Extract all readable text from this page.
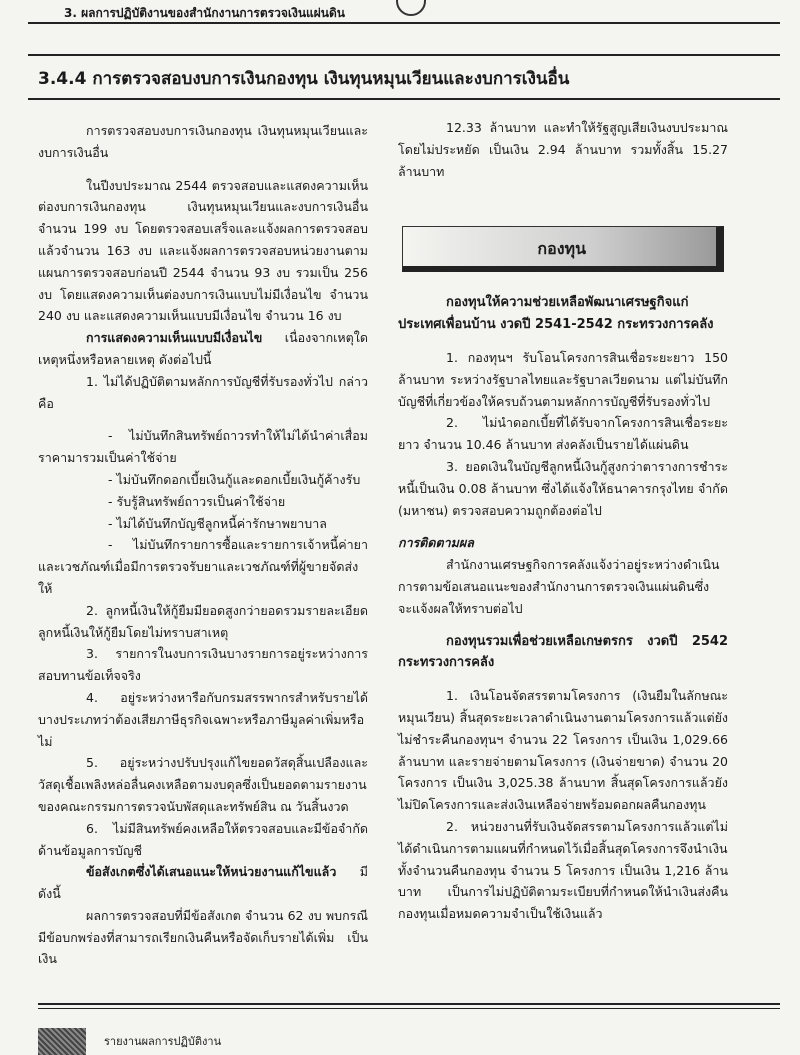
3. ผลการปฏิบัติงานของสำนักงานการตรวจเงินแผ่นดิน
3.4.4 การตรวจสอบงบการเงินกองทุน เงินทุนหมุนเวียนและงบการเงินอื่น

การตรวจสอบงบการเงินกองทุน เงินทุนหมุนเวียนและงบการเงินอื่น

ในปีงบประมาณ 2544 ตรวจสอบและแสดงความเห็นต่องบการเงินกองทุน เงินทุนหมุนเวียนและงบการเงินอื่น จำนวน 199 งบ โดยตรวจสอบเสร็จและแจ้งผลการตรวจสอบแล้วจำนวน 163 งบ และแจ้งผลการตรวจสอบหน่วยงานตามแผนการตรวจสอบก่อนปี 2544 จำนวน 93 งบ รวมเป็น 256 งบ โดยแสดงความเห็นต่องบการเงินแบบไม่มีเงื่อนไข จำนวน 240 งบ และแสดงความเห็นแบบมีเงื่อนไข จำนวน 16 งบ

การแสดงความเห็นแบบมีเงื่อนไข เนื่องจากเหตุใดเหตุหนึ่งหรือหลายเหตุ ดังต่อไปนี้

1. ไม่ได้ปฏิบัติตามหลักการบัญชีที่รับรองทั่วไป กล่าวคือ

- ไม่บันทึกสินทรัพย์ถาวรทำให้ไม่ได้นำค่าเสื่อมราคามารวมเป็นค่าใช้จ่าย

- ไม่บันทึกดอกเบี้ยเงินกู้และดอกเบี้ยเงินกู้ค้างรับ

- รับรู้สินทรัพย์ถาวรเป็นค่าใช้จ่าย

- ไม่ได้บันทึกบัญชีลูกหนี้ค่ารักษาพยาบาล

- ไม่บันทึกรายการซื้อและรายการเจ้าหนี้ค่ายาและเวชภัณฑ์เมื่อมีการตรวจรับยาและเวชภัณฑ์ที่ผู้ขายจัดส่งให้

2. ลูกหนี้เงินให้กู้ยืมมียอดสูงกว่ายอดรวมรายละเอียดลูกหนี้เงินให้กู้ยืมโดยไม่ทราบสาเหตุ

3. รายการในงบการเงินบางรายการอยู่ระหว่างการสอบทานข้อเท็จจริง

4. อยู่ระหว่างหารือกับกรมสรรพากรสำหรับรายได้บางประเภทว่าต้องเสียภาษีธุรกิจเฉพาะหรือภาษีมูลค่าเพิ่มหรือไม่

5. อยู่ระหว่างปรับปรุงแก้ไขยอดวัสดุสิ้นเปลืองและวัสดุเชื้อเพลิงหล่อลื่นคงเหลือตามงบดุลซึ่งเป็นยอดตามรายงานของคณะกรรมการตรวจนับพัสดุและทรัพย์สิน ณ วันสิ้นงวด

6. ไม่มีสินทรัพย์คงเหลือให้ตรวจสอบและมีข้อจำกัดด้านข้อมูลการบัญชี

ข้อสังเกตซึ่งได้เสนอแนะให้หน่วยงานแก้ไขแล้ว มีดังนี้

ผลการตรวจสอบที่มีข้อสังเกต จำนวน 62 งบ พบกรณีมีข้อบกพร่องที่สามารถเรียกเงินคืนหรือจัดเก็บรายได้เพิ่ม เป็นเงิน

12.33 ล้านบาท และทำให้รัฐสูญเสียเงินงบประมาณโดยไม่ประหยัด เป็นเงิน 2.94 ล้านบาท รวมทั้งสิ้น 15.27 ล้านบาท

กองทุน

กองทุนให้ความช่วยเหลือพัฒนาเศรษฐกิจแก่ประเทศเพื่อนบ้าน งวดปี 2541-2542 กระทรวงการคลัง

1. กองทุนฯ รับโอนโครงการสินเชื่อระยะยาว 150 ล้านบาท ระหว่างรัฐบาลไทยและรัฐบาลเวียดนาม แต่ไม่บันทึกบัญชีที่เกี่ยวข้องให้ครบถ้วนตามหลักการบัญชีที่รับรองทั่วไป

2. ไม่นำดอกเบี้ยที่ได้รับจากโครงการสินเชื่อระยะยาว จำนวน 10.46 ล้านบาท ส่งคลังเป็นรายได้แผ่นดิน

3. ยอดเงินในบัญชีลูกหนี้เงินกู้สูงกว่าตารางการชำระหนี้เป็นเงิน 0.08 ล้านบาท ซึ่งได้แจ้งให้ธนาคารกรุงไทย จำกัด (มหาชน) ตรวจสอบความถูกต้องต่อไป

การติดตามผล

สำนักงานเศรษฐกิจการคลังแจ้งว่าอยู่ระหว่างดำเนินการตามข้อเสนอแนะของสำนักงานการตรวจเงินแผ่นดินซึ่งจะแจ้งผลให้ทราบต่อไป

กองทุนรวมเพื่อช่วยเหลือเกษตรกร งวดปี 2542 กระทรวงการคลัง

1. เงินโอนจัดสรรตามโครงการ (เงินยืมในลักษณะหมุนเวียน) สิ้นสุดระยะเวลาดำเนินงานตามโครงการแล้วแต่ยังไม่ชำระคืนกองทุนฯ จำนวน 22 โครงการ เป็นเงิน 1,029.66 ล้านบาท และรายจ่ายตามโครงการ (เงินจ่ายขาด) จำนวน 20 โครงการ เป็นเงิน 3,025.38 ล้านบาท สิ้นสุดโครงการแล้วยังไม่ปิดโครงการและส่งเงินเหลือจ่ายพร้อมดอกผลคืนกองทุน

2. หน่วยงานที่รับเงินจัดสรรตามโครงการแล้วแต่ไม่ได้ดำเนินการตามแผนที่กำหนดไว้เมื่อสิ้นสุดโครงการจึงนำเงินทั้งจำนวนคืนกองทุน จำนวน 5 โครงการ เป็นเงิน 1,216 ล้านบาท เป็นการไม่ปฏิบัติตามระเบียบที่กำหนดให้นำเงินส่งคืนกองทุนเมื่อหมดความจำเป็นใช้เงินแล้ว

รายงานผลการปฏิบัติงาน
